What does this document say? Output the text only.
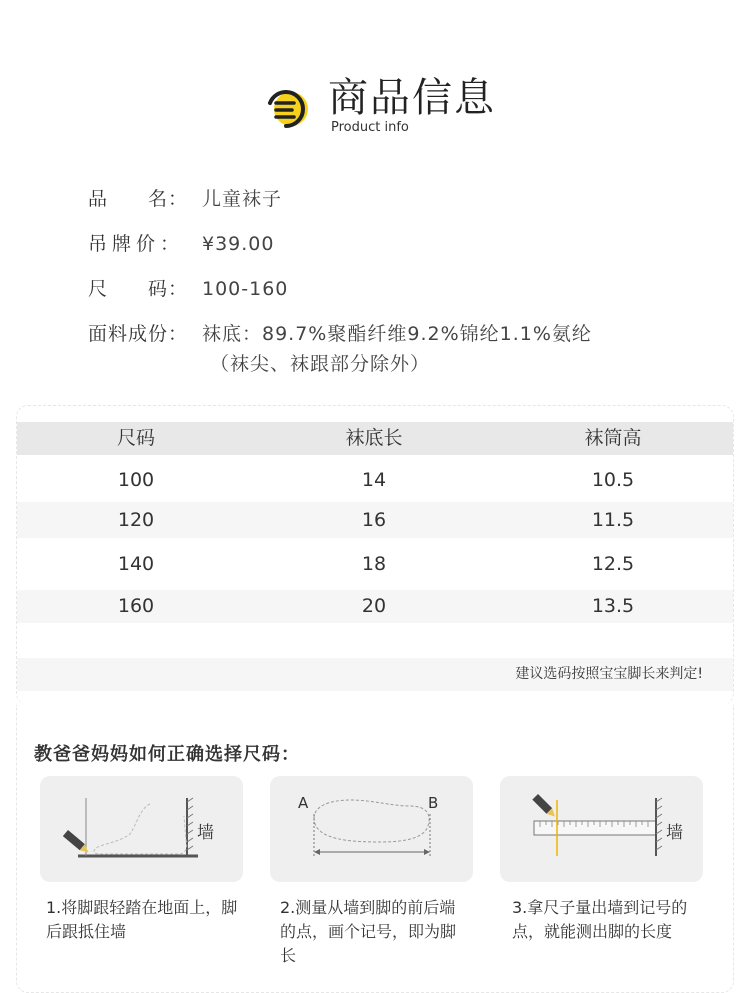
商品信息
Product info
品　　名： 儿童袜子
吊牌价： ¥39.00
尺　　码： 100-160
面料成份： 袜底：89.7%聚酯纤维9.2%锦纶1.1%氨纶
（袜尖、袜跟部分除外）
尺码	袜底长	袜筒高
100	14	10.5
120	16	11.5
140	18	12.5
160	20	13.5
建议选码按照宝宝脚长来判定!
教爸爸妈妈如何正确选择尺码：
墙
A	B
墙
1.将脚跟轻踏在地面上，脚后跟抵住墙
2.测量从墙到脚的前后端的点，画个记号，即为脚长
3.拿尺子量出墙到记号的点，就能测出脚的长度
